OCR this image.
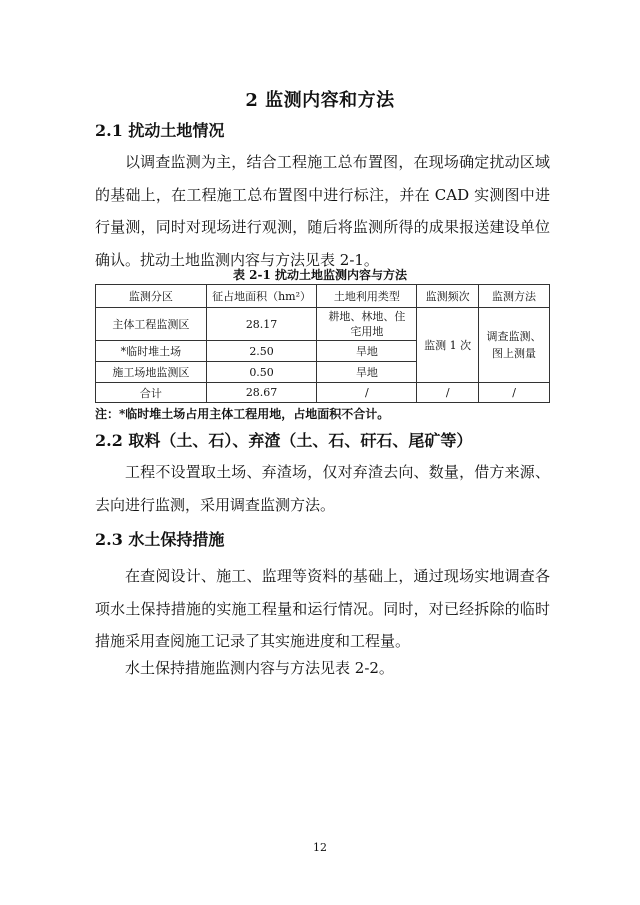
2 监测内容和方法
2.1 扰动土地情况
以调查监测为主，结合工程施工总布置图，在现场确定扰动区域的基础上，在工程施工总布置图中进行标注，并在 CAD 实测图中进行量测，同时对现场进行观测，随后将监测所得的成果报送建设单位确认。扰动土地监测内容与方法见表 2-1。
表 2-1 扰动土地监测内容与方法
监测分区	征占地面积（hm²）	土地利用类型	监测频次	监测方法
主体工程监测区	28.17	耕地、林地、住宅用地	监测 1 次	调查监测、图上测量
*临时堆土场	2.50	旱地		
施工场地监测区	0.50	旱地		
合计	28.67	/	/	/
注：*临时堆土场占用主体工程用地，占地面积不合计。
2.2 取料（土、石）、弃渣（土、石、矸石、尾矿等）
工程不设置取土场、弃渣场，仅对弃渣去向、数量，借方来源、去向进行监测，采用调查监测方法。
2.3 水土保持措施
在查阅设计、施工、监理等资料的基础上，通过现场实地调查各项水土保持措施的实施工程量和运行情况。同时，对已经拆除的临时措施采用查阅施工记录了其实施进度和工程量。
水土保持措施监测内容与方法见表 2-2。
12
